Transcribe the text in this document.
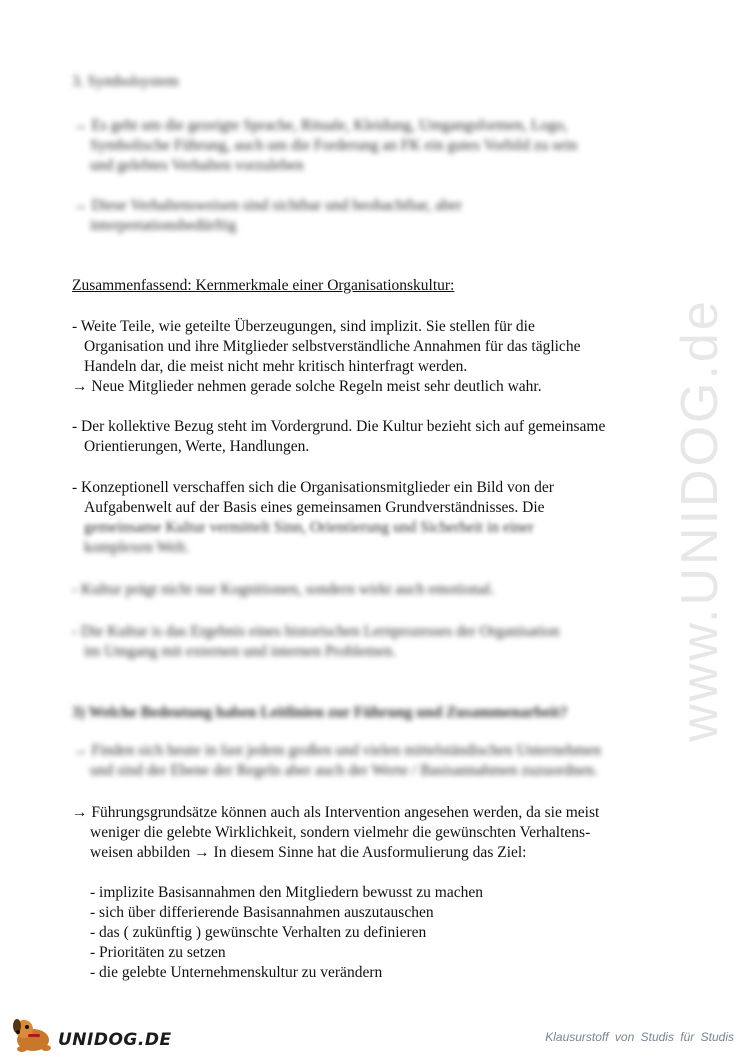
www.UNIDOG.de

3. Symbolsystem

→ Es geht um die gezeigte Sprache, Rituale, Kleidung, Umgangsformen, Logo,

Symbolische Führung, auch um die Forderung an FK ein gutes Vorbild zu sein

und gelebtes Verhalten vorzuleben

→ Diese Verhaltensweisen sind sichtbar und beobachtbar, aber

interpretationsbedürftig

Zusammenfassend: Kernmerkmale einer Organisationskultur:

- Weite Teile, wie geteilte Überzeugungen, sind implizit. Sie stellen für die

Organisation und ihre Mitglieder selbstverständliche Annahmen für das tägliche

Handeln dar, die meist nicht mehr kritisch hinterfragt werden.

→ Neue Mitglieder nehmen gerade solche Regeln meist sehr deutlich wahr.

- Der kollektive Bezug steht im Vordergrund. Die Kultur bezieht sich auf gemeinsame

Orientierungen, Werte, Handlungen.

- Konzeptionell verschaffen sich die Organisationsmitglieder ein Bild von der

Aufgabenwelt auf der Basis eines gemeinsamen Grundverständnisses. Die

gemeinsame Kultur vermittelt Sinn, Orientierung und Sicherheit in einer

komplexen Welt.

- Kultur prägt nicht nur Kognitionen, sondern wirkt auch emotional.

- Die Kultur is das Ergebnis eines historischen Lernprozesses der Organisation

im Umgang mit externen und internen Problemen.

3) Welche Bedeutung haben Leitlinien zur Führung und Zusammenarbeit?

→ Finden sich heute in fast jedem großen und vielen mittelständischen Unternehmen

und sind der Ebene der Regeln aber auch der Werte / Basisannahmen zuzuordnen.

→ Führungsgrundsätze können auch als Intervention angesehen werden, da sie meist

weniger die gelebte Wirklichkeit, sondern vielmehr die gewünschten Verhaltens-

weisen abbilden → In diesem Sinne hat die Ausformulierung das Ziel:

- implizite Basisannahmen den Mitgliedern bewusst zu machen

- sich über differierende Basisannahmen auszutauschen

- das ( zukünftig ) gewünschte Verhalten zu definieren

- Prioritäten zu setzen

- die gelebte Unternehmenskultur zu verändern

UNIDOG.DE	Klausurstoff von Studis für Studis
